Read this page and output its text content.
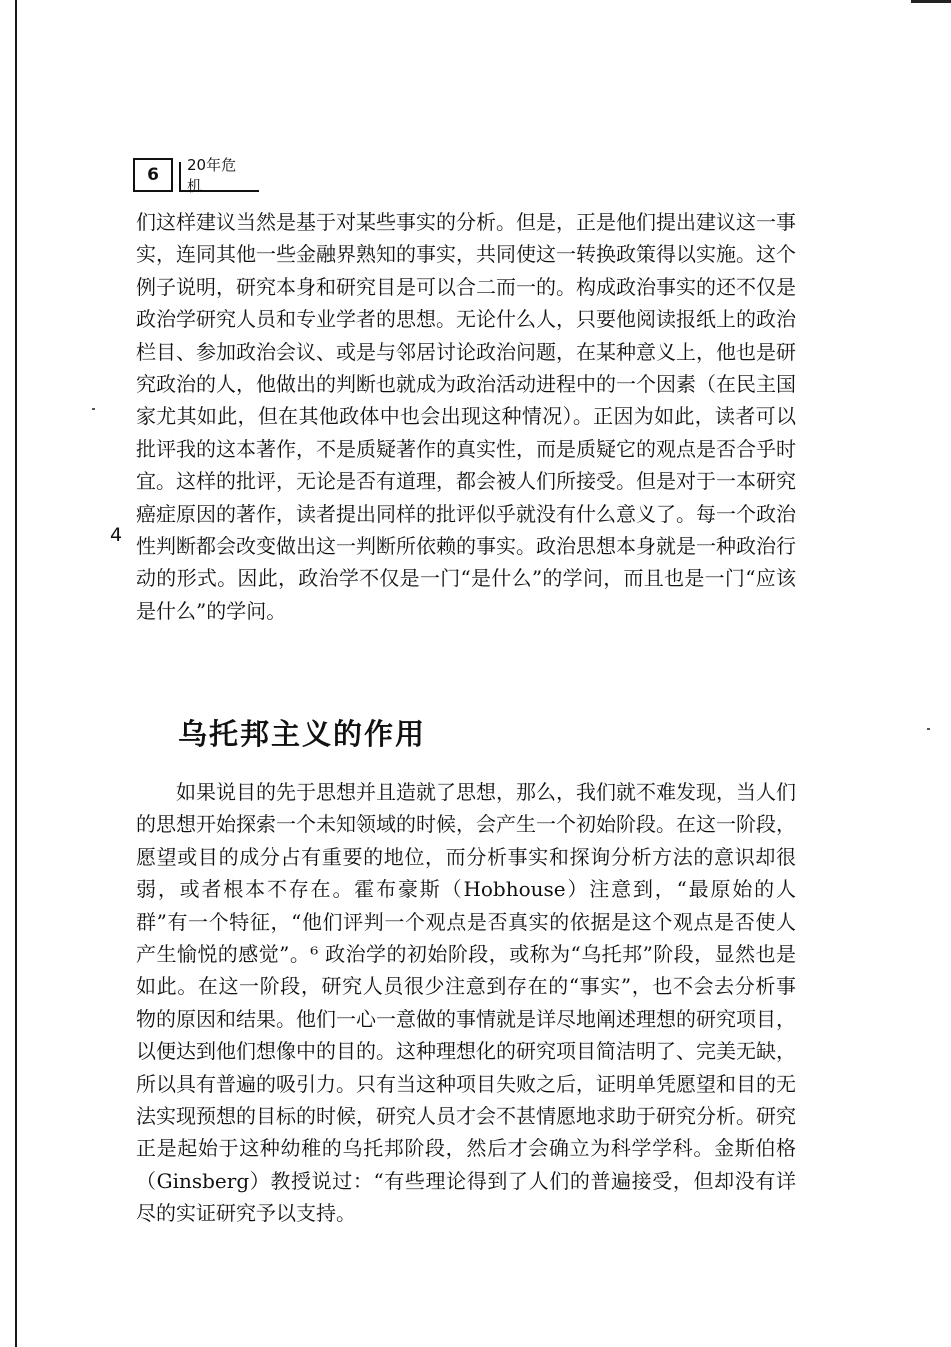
6	20年危机
们这样建议当然是基于对某些事实的分析。但是，正是他们提出建议这一事实，连同其他一些金融界熟知的事实，共同使这一转换政策得以实施。这个例子说明，研究本身和研究目是可以合二而一的。构成政治事实的还不仅是政治学研究人员和专业学者的思想。无论什么人，只要他阅读报纸上的政治栏目、参加政治会议、或是与邻居讨论政治问题，在某种意义上，他也是研究政治的人，他做出的判断也就成为政治活动进程中的一个因素（在民主国家尤其如此，但在其他政体中也会出现这种情况）。正因为如此，读者可以批评我的这本著作，不是质疑著作的真实性，而是质疑它的观点是否合乎时宜。这样的批评，无论是否有道理，都会被人们所接受。但是对于一本研究癌症原因的著作，读者提出同样的批评似乎就没有什么意义了。每一个政治性判断都会改变做出这一判断所依赖的事实。政治思想本身就是一种政治行动的形式。因此，政治学不仅是一门“是什么”的学问，而且也是一门“应该是什么”的学问。
4
乌托邦主义的作用
如果说目的先于思想并且造就了思想，那么，我们就不难发现，当人们的思想开始探索一个未知领域的时候，会产生一个初始阶段。在这一阶段，愿望或目的成分占有重要的地位，而分析事实和探询分析方法的意识却很弱，或者根本不存在。霍布豪斯（Hobhouse）注意到，“最原始的人群”有一个特征，“他们评判一个观点是否真实的依据是这个观点是否使人产生愉悦的感觉”。⁶ 政治学的初始阶段，或称为“乌托邦”阶段，显然也是如此。在这一阶段，研究人员很少注意到存在的“事实”，也不会去分析事物的原因和结果。他们一心一意做的事情就是详尽地阐述理想的研究项目，以便达到他们想像中的目的。这种理想化的研究项目简洁明了、完美无缺，所以具有普遍的吸引力。只有当这种项目失败之后，证明单凭愿望和目的无法实现预想的目标的时候，研究人员才会不甚情愿地求助于研究分析。研究正是起始于这种幼稚的乌托邦阶段，然后才会确立为科学学科。金斯伯格（Ginsberg）教授说过：“有些理论得到了人们的普遍接受，但却没有详尽的实证研究予以支持。
